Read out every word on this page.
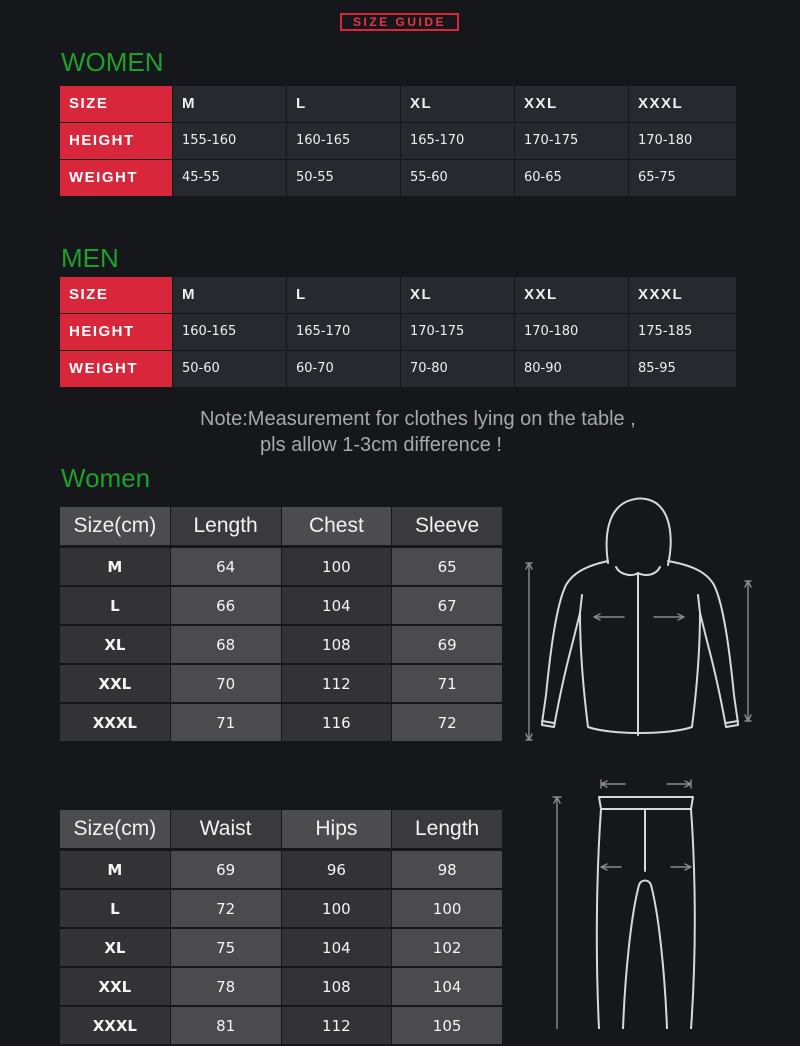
SIZE GUIDE
WOMEN
SIZE	M	L	XL	XXL	XXXL
HEIGHT	155-160	160-165	165-170	170-175	170-180
WEIGHT	45-55	50-55	55-60	60-65	65-75
MEN
SIZE	M	L	XL	XXL	XXXL
HEIGHT	160-165	165-170	170-175	170-180	175-185
WEIGHT	50-60	60-70	70-80	80-90	85-95
Note:Measurement for clothes lying on the table ,
pls allow 1-3cm difference !
Women
Size(cm)	Length	Chest	Sleeve
M	64	100	65
L	66	104	67
XL	68	108	69
XXL	70	112	71
XXXL	71	116	72
Size(cm)	Waist	Hips	Length
M	69	96	98
L	72	100	100
XL	75	104	102
XXL	78	108	104
XXXL	81	112	105
